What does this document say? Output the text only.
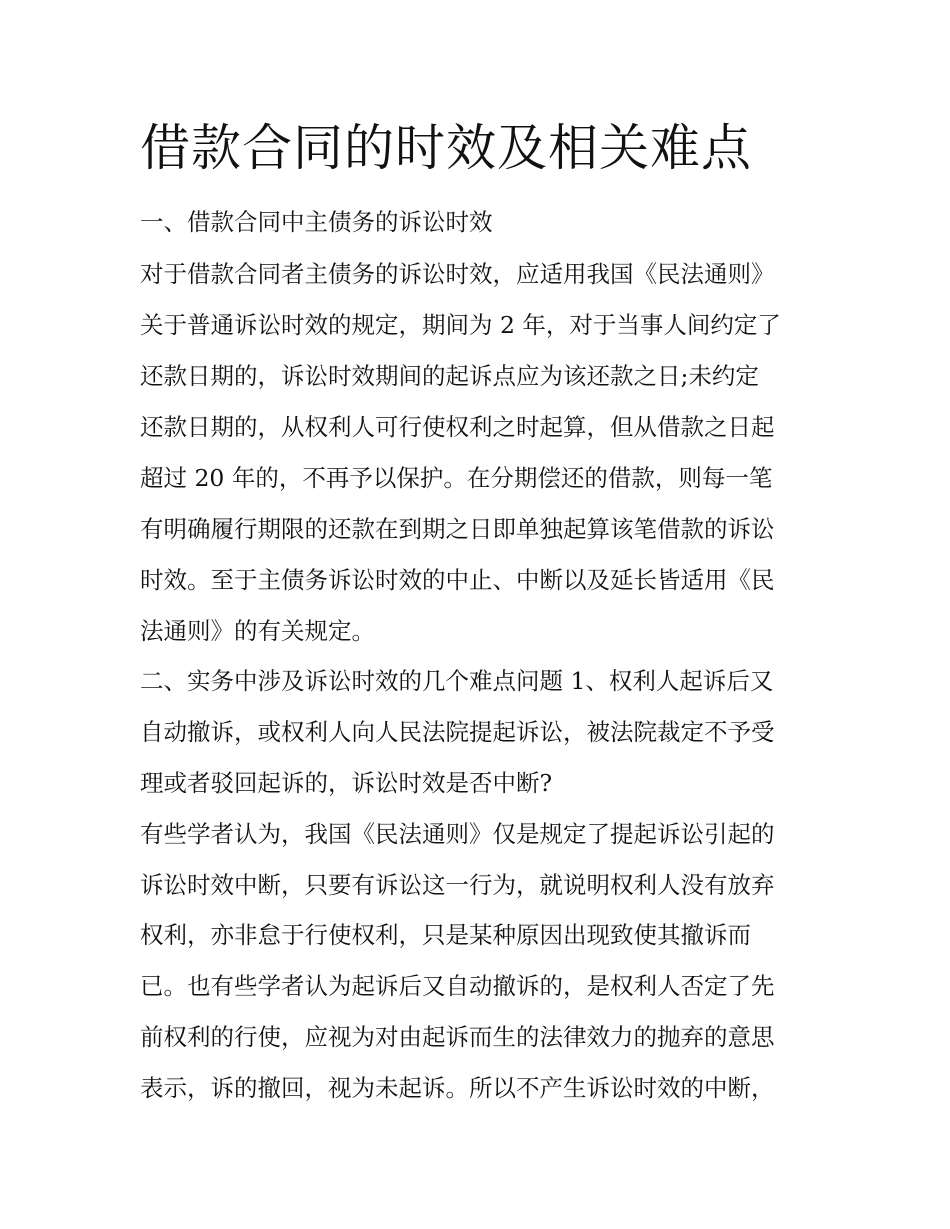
借款合同的时效及相关难点

一、借款合同中主债务的诉讼时效

对于借款合同者主债务的诉讼时效，应适用我国《民法通则》

关于普通诉讼时效的规定，期间为 2 年，对于当事人间约定了

还款日期的，诉讼时效期间的起诉点应为该还款之日;未约定

还款日期的，从权利人可行使权利之时起算，但从借款之日起

超过 20 年的，不再予以保护。在分期偿还的借款，则每一笔

有明确履行期限的还款在到期之日即单独起算该笔借款的诉讼

时效。至于主债务诉讼时效的中止、中断以及延长皆适用《民

法通则》的有关规定。

二、实务中涉及诉讼时效的几个难点问题 1、权利人起诉后又

自动撤诉，或权利人向人民法院提起诉讼，被法院裁定不予受

理或者驳回起诉的，诉讼时效是否中断?

有些学者认为，我国《民法通则》仅是规定了提起诉讼引起的

诉讼时效中断，只要有诉讼这一行为，就说明权利人没有放弃

权利，亦非怠于行使权利，只是某种原因出现致使其撤诉而

已。也有些学者认为起诉后又自动撤诉的，是权利人否定了先

前权利的行使，应视为对由起诉而生的法律效力的抛弃的意思

表示，诉的撤回，视为未起诉。所以不产生诉讼时效的中断，
